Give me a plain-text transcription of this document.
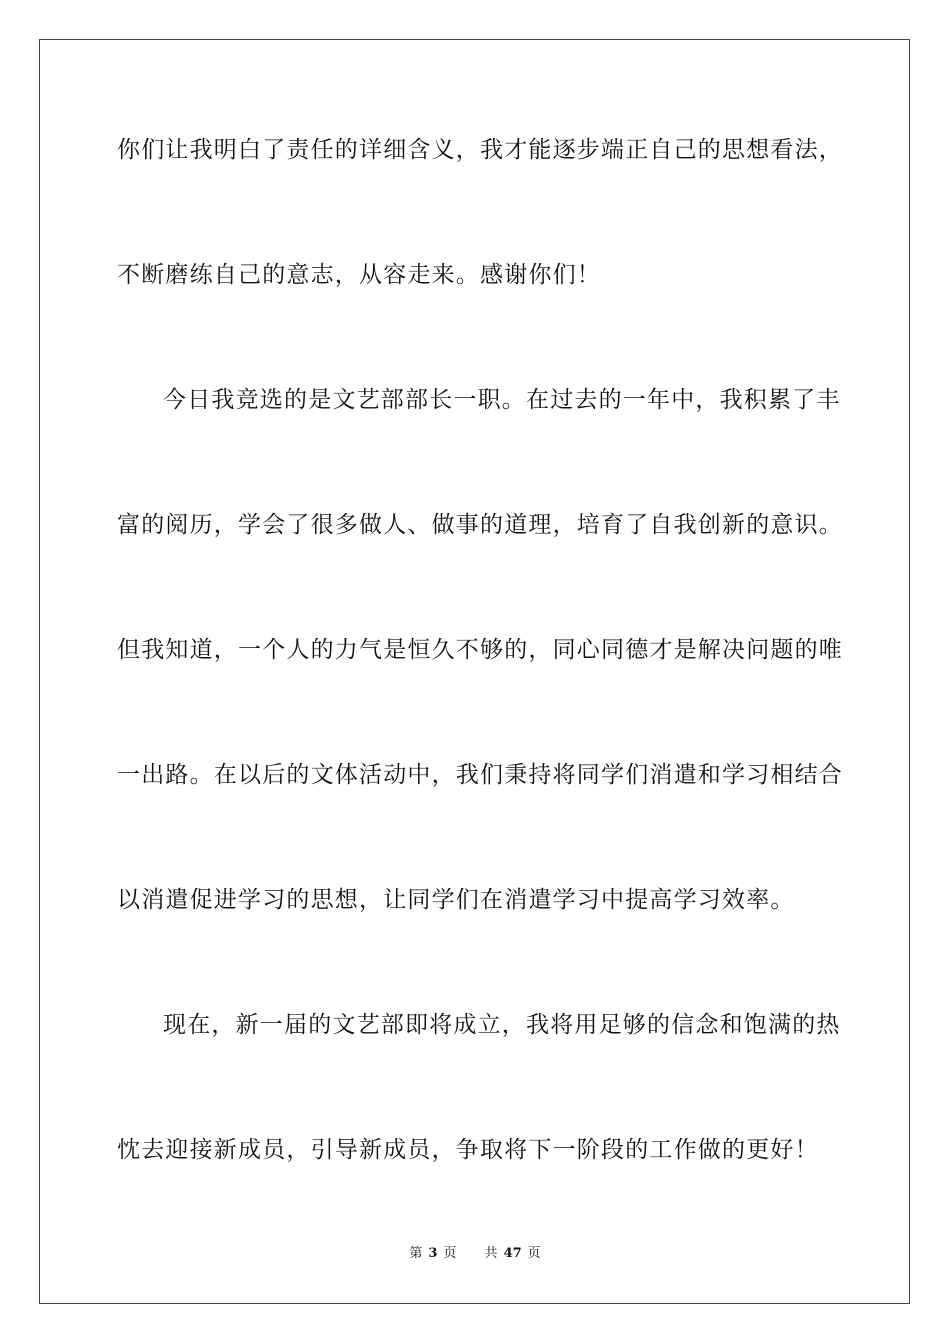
你们让我明白了责任的详细含义，我才能逐步端正自己的思想看法，
不断磨练自己的意志，从容走来。感谢你们！
今日我竞选的是文艺部部长一职。在过去的一年中，我积累了丰
富的阅历，学会了很多做人、做事的道理，培育了自我创新的意识。
但我知道，一个人的力气是恒久不够的，同心同德才是解决问题的唯
一出路。在以后的文体活动中，我们秉持将同学们消遣和学习相结合
以消遣促进学习的思想，让同学们在消遣学习中提高学习效率。
现在，新一届的文艺部即将成立，我将用足够的信念和饱满的热
忱去迎接新成员，引导新成员，争取将下一阶段的工作做的更好！
第 3 页 共 47 页
